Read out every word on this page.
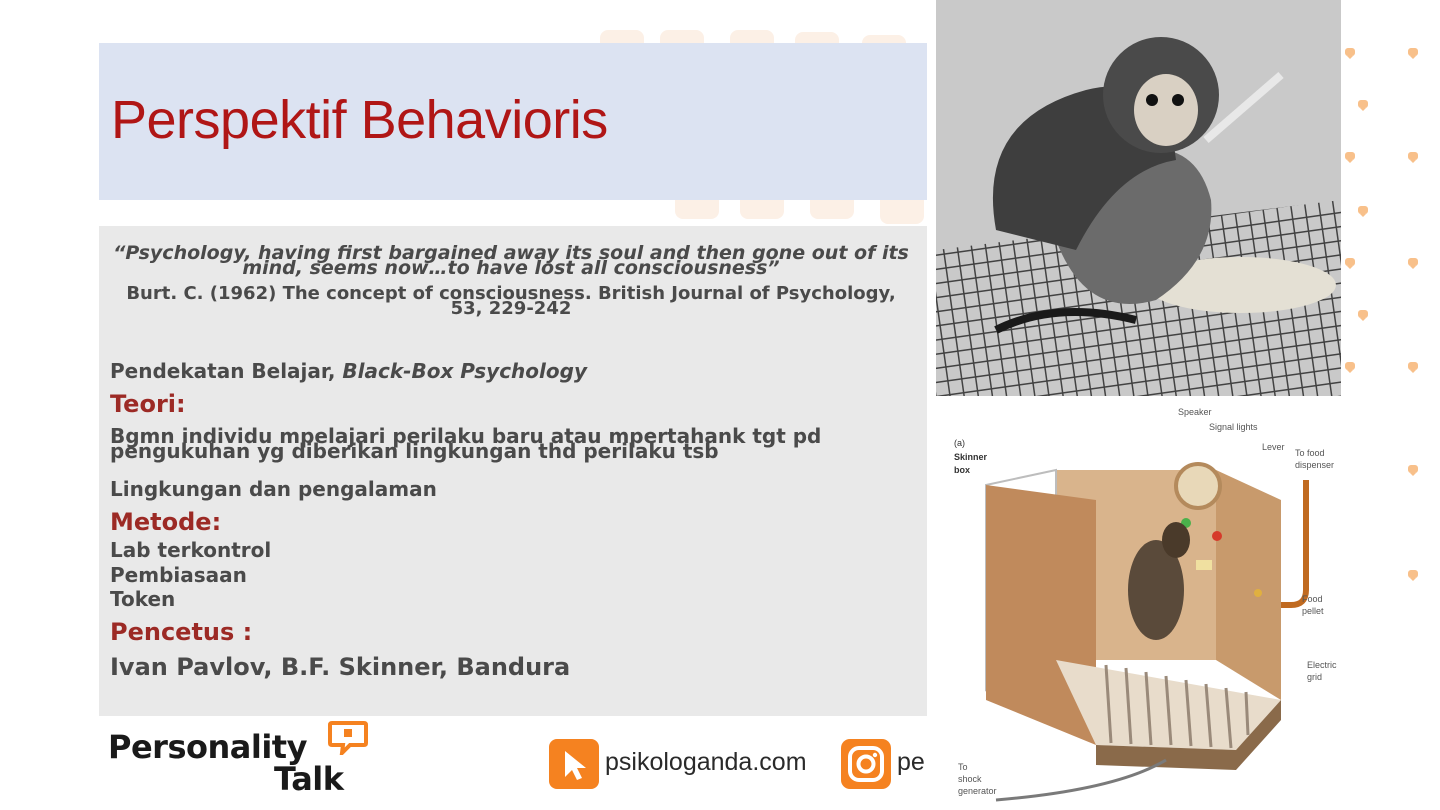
Perspektif Behavioris
“Psychology, having first bargained away its soul and then gone out of its mind, seems now…to have lost all consciousness”
Burt. C. (1962) The concept of consciousness. British Journal of Psychology, 53, 229-242
Pendekatan Belajar, Black-Box Psychology
Teori:
Bgmn individu mpelajari perilaku baru atau mpertahank tgt pd pengukuhan yg diberikan lingkungan thd perilaku tsb
Lingkungan dan pengalaman
Metode:
Lab terkontrol
Pembiasaan
Token
Pencetus :
Ivan Pavlov, B.F. Skinner, Bandura
(a)
Skinner
box
Speaker
Signal lights
Lever
To food
dispenser
Food
pellet
Electric
grid
To
shock
generator
Personality
Talk	psikologanda.com	pe
